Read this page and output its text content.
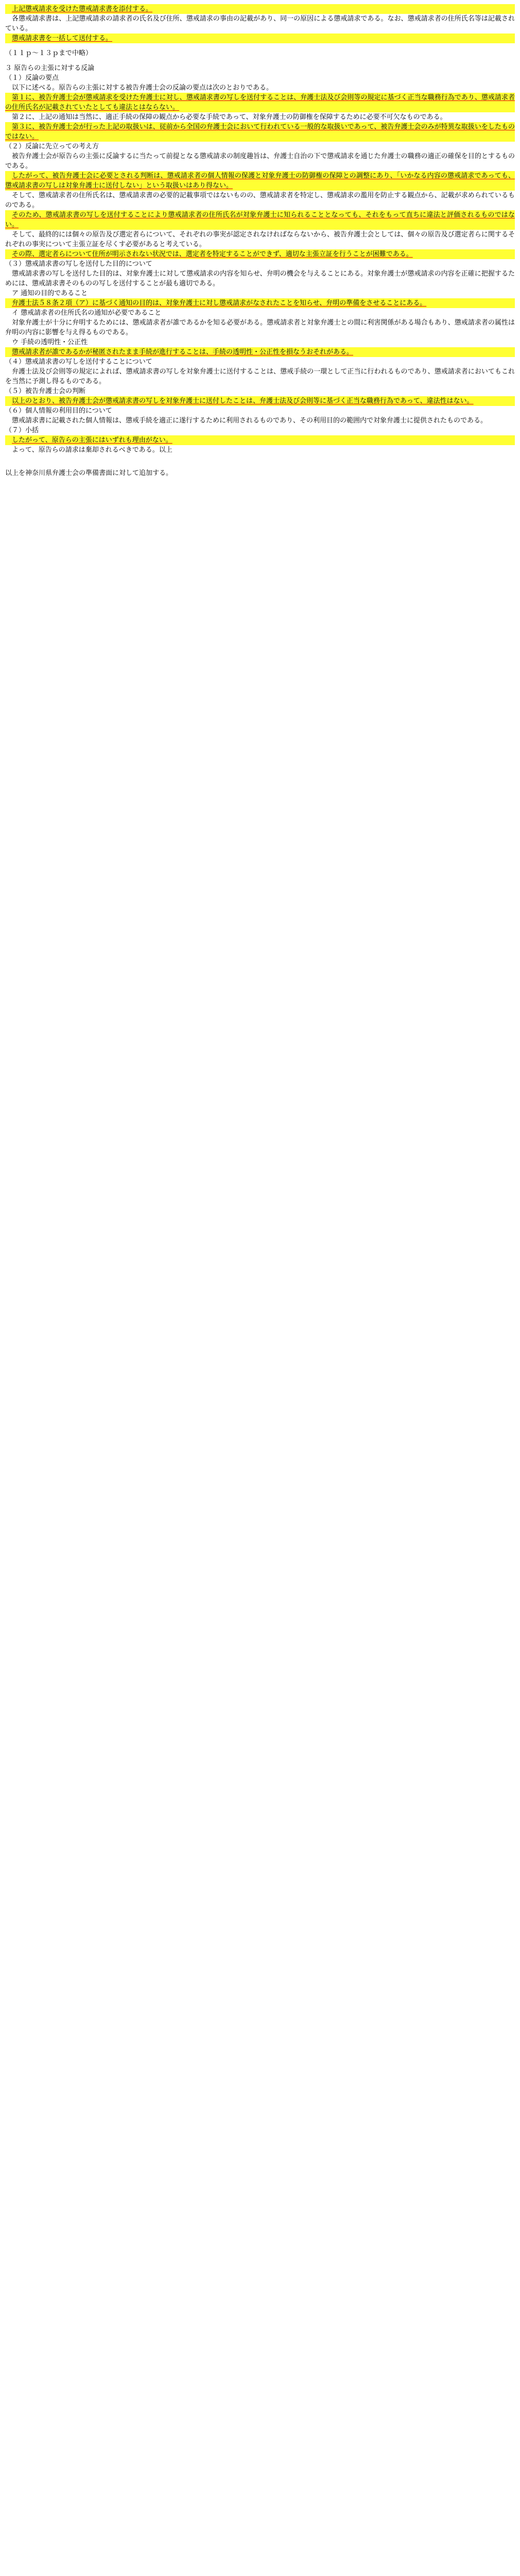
上記懲戒請求を受けた懲戒請求書を添付する。

各懲戒請求書は、上記懲戒請求の請求者の氏名及び住所、懲戒請求の事由の記載があり、同一の原因による懲戒請求である。なお、懲戒請求者の住所氏名等は記載されている。

懲戒請求書を一括して送付する。

（１１ｐ～１３ｐまで中略）

３ 原告らの主張に対する反論

（１）反論の要点

以下に述べる。原告らの主張に対する被告弁護士会の反論の要点は次のとおりである。

第１に、被告弁護士会が懲戒請求を受けた弁護士に対し、懲戒請求書の写しを送付することは、弁護士法及び会則等の規定に基づく正当な職務行為であり、懲戒請求者の住所氏名が記載されていたとしても違法とはならない。

第２に、上記の通知は当然に、適正手続の保障の観点から必要な手続であって、対象弁護士の防御権を保障するために必要不可欠なものである。

第３に、被告弁護士会が行った上記の取扱いは、従前から全国の弁護士会において行われている一般的な取扱いであって、被告弁護士会のみが特異な取扱いをしたものではない。

（２）反論に先立っての考え方

被告弁護士会が原告らの主張に反論するに当たって前提となる懲戒請求の制度趣旨は、弁護士自治の下で懲戒請求を通じた弁護士の職務の適正の確保を目的とするものである。

したがって、被告弁護士会に必要とされる判断は、懲戒請求者の個人情報の保護と対象弁護士の防御権の保障との調整にあり、「いかなる内容の懲戒請求であっても、懲戒請求書の写しは対象弁護士に送付しない」という取扱いはあり得ない。

そして、懲戒請求者の住所氏名は、懲戒請求書の必要的記載事項ではないものの、懲戒請求者を特定し、懲戒請求の濫用を防止する観点から、記載が求められているものである。

そのため、懲戒請求書の写しを送付することにより懲戒請求者の住所氏名が対象弁護士に知られることとなっても、それをもって直ちに違法と評価されるものではない。

そして、最終的には個々の原告及び選定者らについて、それぞれの事実が認定されなければならないから、被告弁護士会としては、個々の原告及び選定者らに関するそれぞれの事実について主張立証を尽くす必要があると考えている。

その際、選定者らについて住所が明示されない状況では、選定者を特定することができず、適切な主張立証を行うことが困難である。

（３）懲戒請求書の写しを送付した目的について

懲戒請求書の写しを送付した目的は、対象弁護士に対して懲戒請求の内容を知らせ、弁明の機会を与えることにある。対象弁護士が懲戒請求の内容を正確に把握するためには、懲戒請求書そのものの写しを送付することが最も適切である。

ア 通知の目的であること

弁護士法５８条２項（ア）に基づく通知の目的は、対象弁護士に対し懲戒請求がなされたことを知らせ、弁明の準備をさせることにある。

イ 懲戒請求者の住所氏名の通知が必要であること

対象弁護士が十分に弁明するためには、懲戒請求者が誰であるかを知る必要がある。懲戒請求者と対象弁護士との間に利害関係がある場合もあり、懲戒請求者の属性は弁明の内容に影響を与え得るものである。

ウ 手続の透明性・公正性

懲戒請求者が誰であるかが秘匿されたまま手続が進行することは、手続の透明性・公正性を損なうおそれがある。

（４）懲戒請求書の写しを送付することについて

弁護士法及び会則等の規定によれば、懲戒請求書の写しを対象弁護士に送付することは、懲戒手続の一環として正当に行われるものであり、懲戒請求者においてもこれを当然に予測し得るものである。

（５）被告弁護士会の判断

以上のとおり、被告弁護士会が懲戒請求書の写しを対象弁護士に送付したことは、弁護士法及び会則等に基づく正当な職務行為であって、違法性はない。

（６）個人情報の利用目的について

懲戒請求書に記載された個人情報は、懲戒手続を適正に遂行するために利用されるものであり、その利用目的の範囲内で対象弁護士に提供されたものである。

（７）小括

したがって、原告らの主張にはいずれも理由がない。

よって、原告らの請求は棄却されるべきである。以上

以上を神奈川県弁護士会の準備書面に対して追加する。
